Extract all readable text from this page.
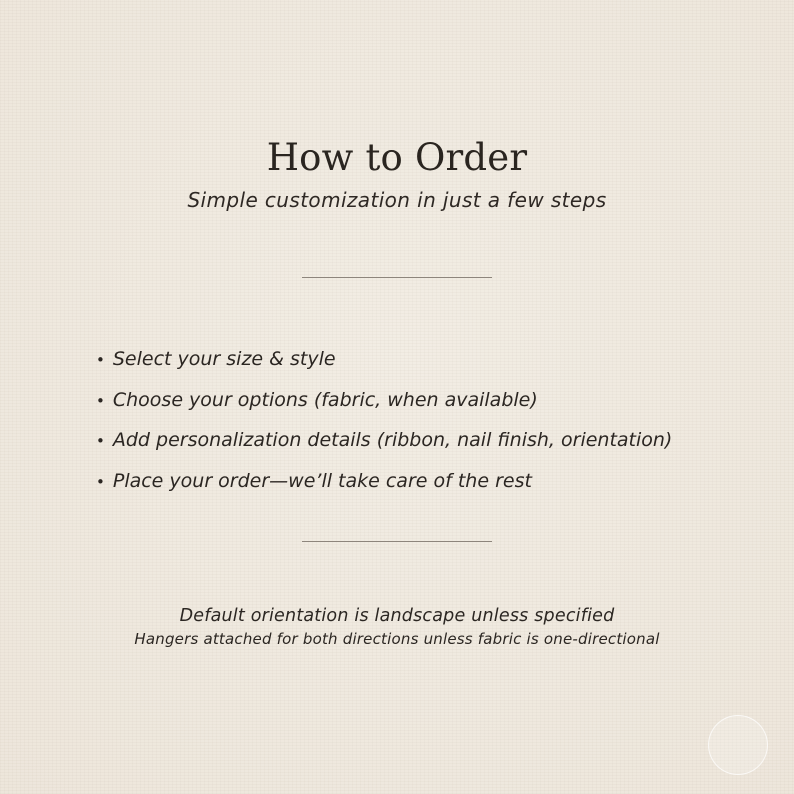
How to Order
Simple customization in just a few steps
• Select your size & style
• Choose your options (fabric, when available)
• Add personalization details (ribbon, nail finish, orientation)
• Place your order—we’ll take care of the rest
Default orientation is landscape unless specified
Hangers attached for both directions unless fabric is one-directional
